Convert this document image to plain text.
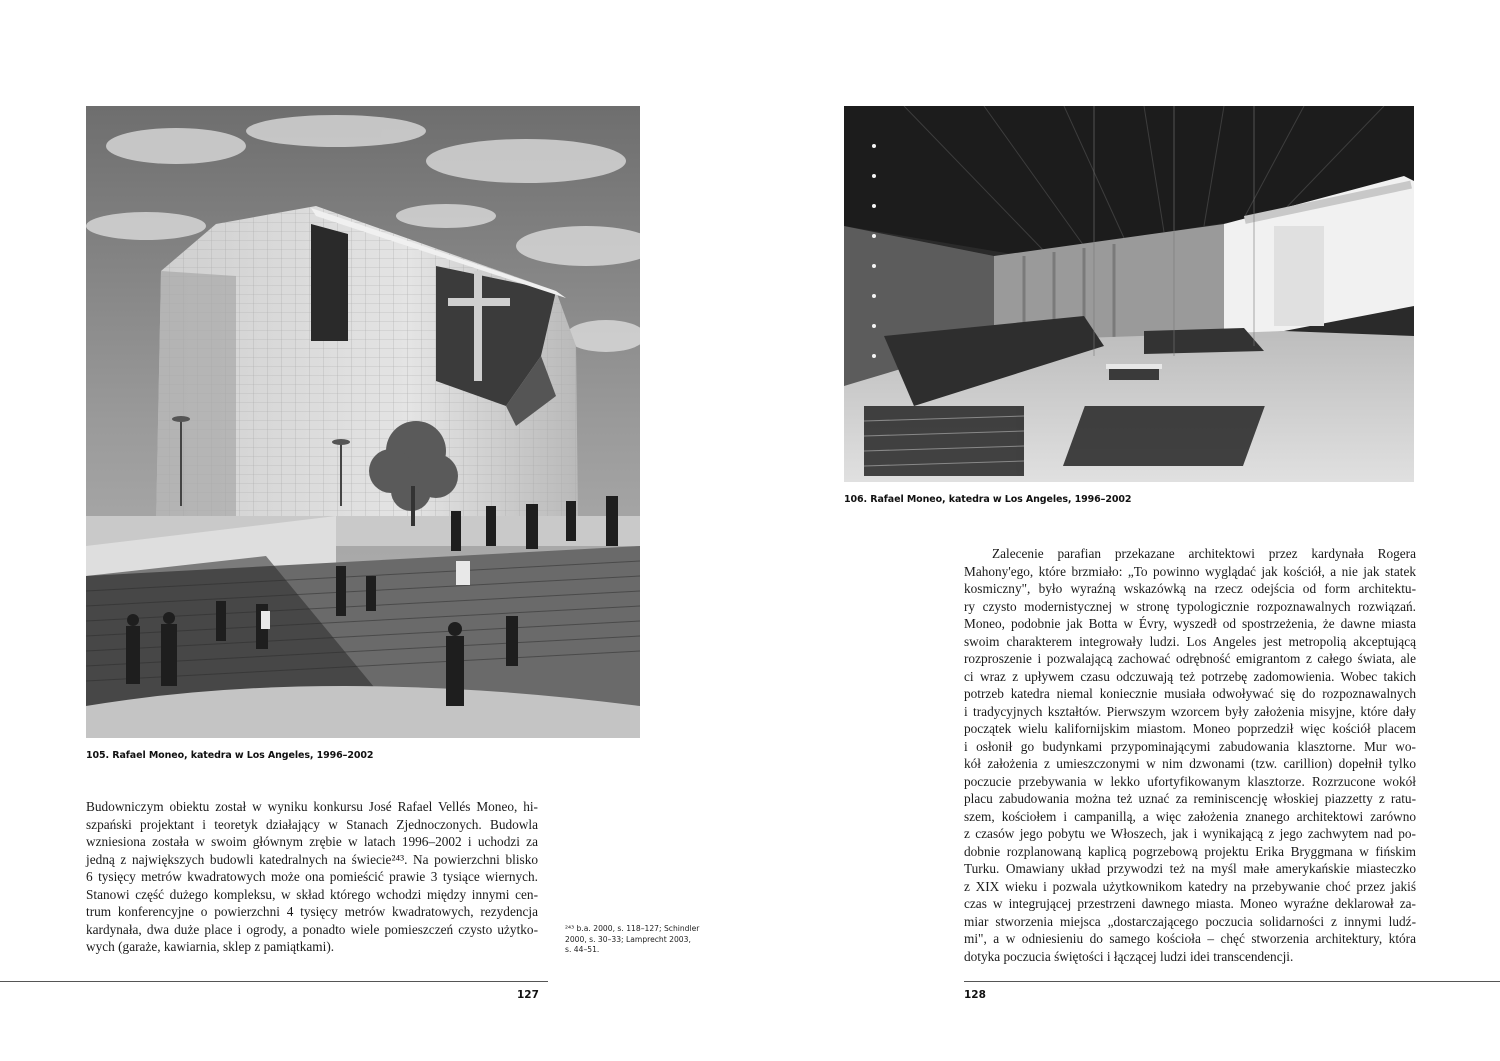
105. Rafael Moneo, katedra w Los Angeles, 1996–2002

Budowniczym obiektu został w wyniku konkursu José Rafael Vellés Moneo, hi-

szpański projektant i teoretyk działający w Stanach Zjednoczonych. Budowla

wzniesiona została w swoim głównym zrębie w latach 1996–2002 i uchodzi za

jedną z największych budowli katedralnych na świecie²⁴³. Na powierzchni blisko

6 tysięcy metrów kwadratowych może ona pomieścić prawie 3 tysiące wiernych.

Stanowi część dużego kompleksu, w skład którego wchodzi między innymi cen-

trum konferencyjne o powierzchni 4 tysięcy metrów kwadratowych, rezydencja

kardynała, dwa duże place i ogrody, a ponadto wiele pomieszczeń czysto użytko-

wych (garaże, kawiarnia, sklep z pamiątkami).

²⁴³ b.a. 2000, s. 118–127; Schindler
2000, s. 30–33; Lamprecht 2003,
s. 44–51.
127
106. Rafael Moneo, katedra w Los Angeles, 1996–2002

Zalecenie parafian przekazane architektowi przez kardynała Rogera

Mahony'ego, które brzmiało: „To powinno wyglądać jak kościół, a nie jak statek

kosmiczny", było wyraźną wskazówką na rzecz odejścia od form architektu-

ry czysto modernistycznej w stronę typologicznie rozpoznawalnych rozwiązań.

Moneo, podobnie jak Botta w Évry, wyszedł od spostrzeżenia, że dawne miasta

swoim charakterem integrowały ludzi. Los Angeles jest metropolią akceptującą

rozproszenie i pozwalającą zachować odrębność emigrantom z całego świata, ale

ci wraz z upływem czasu odczuwają też potrzebę zadomowienia. Wobec takich

potrzeb katedra niemal koniecznie musiała odwoływać się do rozpoznawalnych

i tradycyjnych kształtów. Pierwszym wzorcem były założenia misyjne, które dały

początek wielu kalifornijskim miastom. Moneo poprzedził więc kościół placem

i osłonił go budynkami przypominającymi zabudowania klasztorne. Mur wo-

kół założenia z umieszczonymi w nim dzwonami (tzw. carillion) dopełnił tylko

poczucie przebywania w lekko ufortyfikowanym klasztorze. Rozrzucone wokół

placu zabudowania można też uznać za reminiscencję włoskiej piazzetty z ratu-

szem, kościołem i campanillą, a więc założenia znanego architektowi zarówno

z czasów jego pobytu we Włoszech, jak i wynikającą z jego zachwytem nad po-

dobnie rozplanowaną kaplicą pogrzebową projektu Erika Bryggmana w fińskim

Turku. Omawiany układ przywodzi też na myśl małe amerykańskie miasteczko

z XIX wieku i pozwala użytkownikom katedry na przebywanie choć przez jakiś

czas w integrującej przestrzeni dawnego miasta. Moneo wyraźne deklarował za-

miar stworzenia miejsca „dostarczającego poczucia solidarności z innymi ludź-

mi", a w odniesieniu do samego kościoła – chęć stworzenia architektury, która

dotyka poczucia świętości i łączącej ludzi idei transcendencji.

128
